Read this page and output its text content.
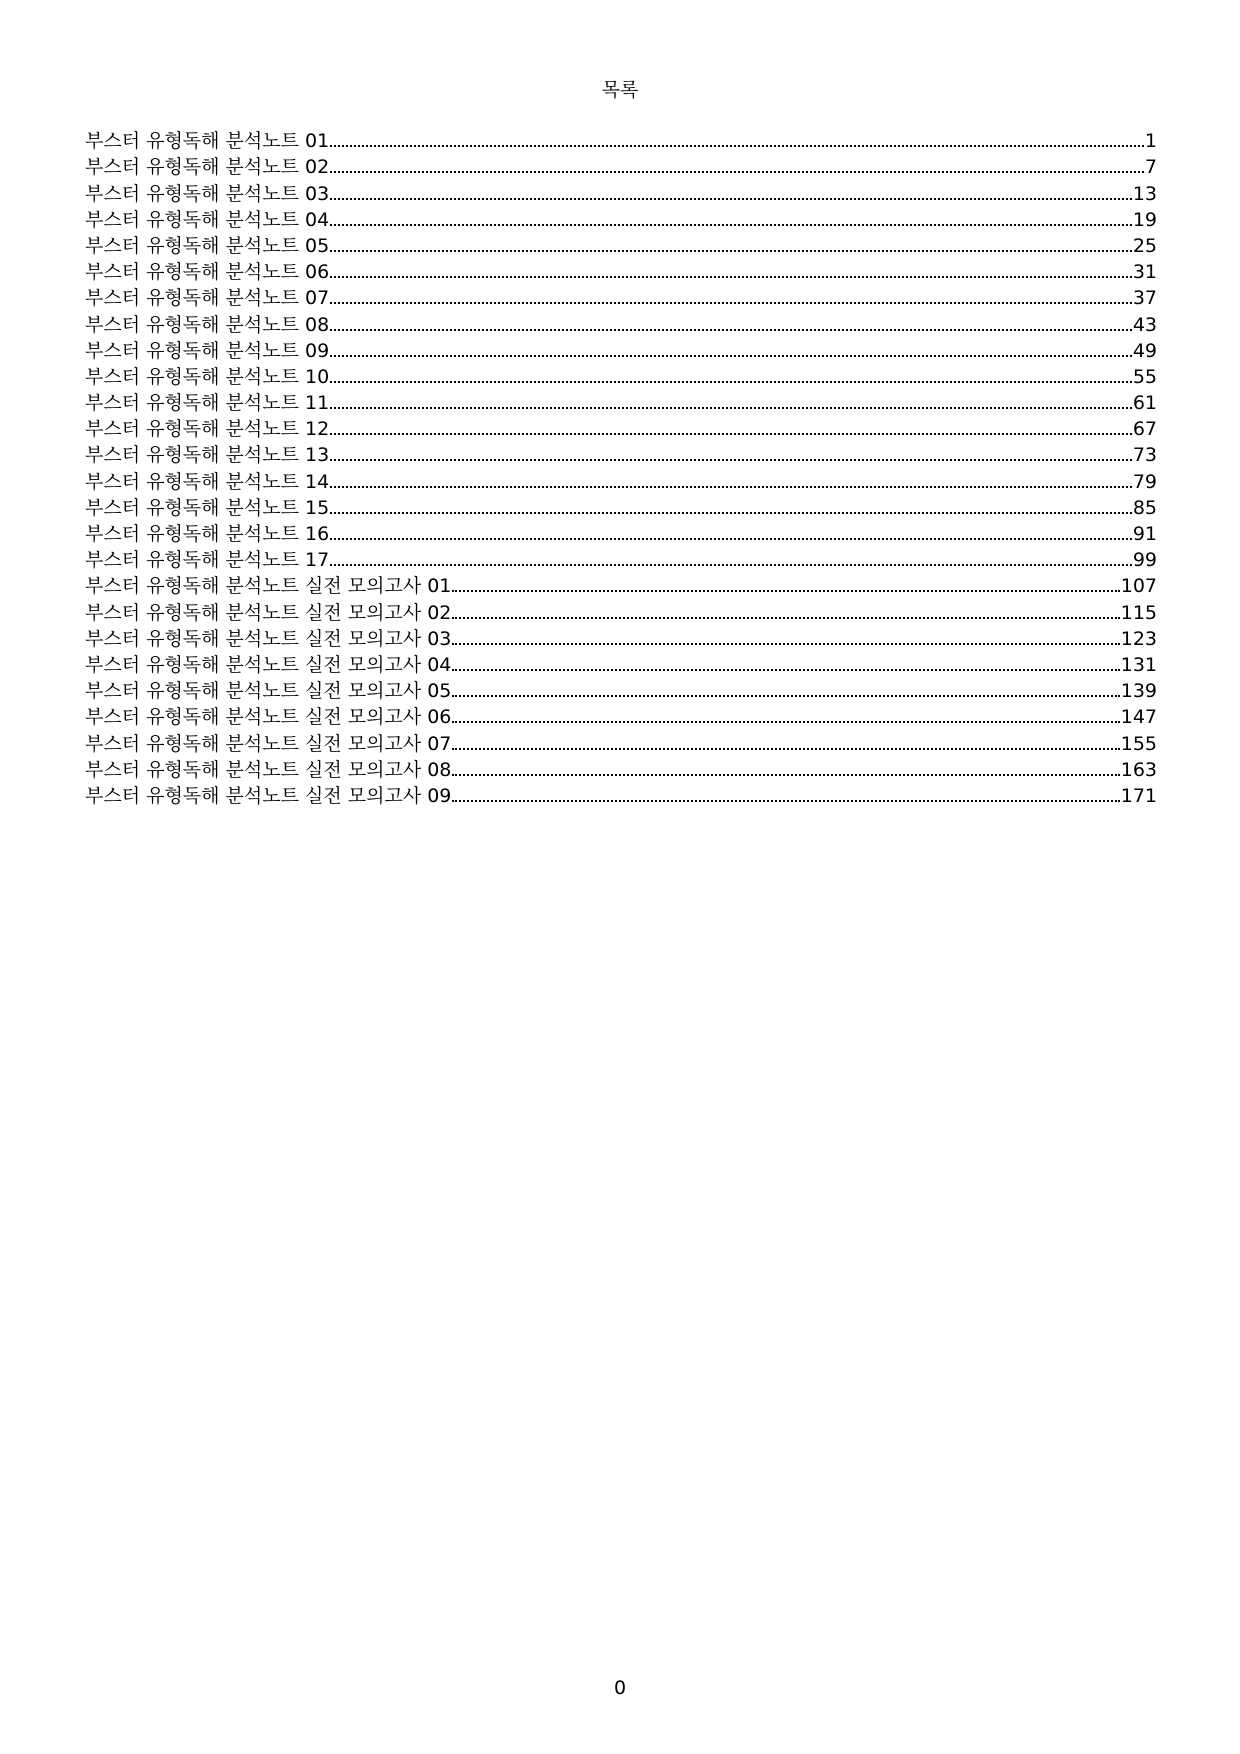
목록
부스터 유형독해 분석노트 01	1
부스터 유형독해 분석노트 02	7
부스터 유형독해 분석노트 03	13
부스터 유형독해 분석노트 04	19
부스터 유형독해 분석노트 05	25
부스터 유형독해 분석노트 06	31
부스터 유형독해 분석노트 07	37
부스터 유형독해 분석노트 08	43
부스터 유형독해 분석노트 09	49
부스터 유형독해 분석노트 10	55
부스터 유형독해 분석노트 11	61
부스터 유형독해 분석노트 12	67
부스터 유형독해 분석노트 13	73
부스터 유형독해 분석노트 14	79
부스터 유형독해 분석노트 15	85
부스터 유형독해 분석노트 16	91
부스터 유형독해 분석노트 17	99
부스터 유형독해 분석노트 실전 모의고사 01	107
부스터 유형독해 분석노트 실전 모의고사 02	115
부스터 유형독해 분석노트 실전 모의고사 03	123
부스터 유형독해 분석노트 실전 모의고사 04	131
부스터 유형독해 분석노트 실전 모의고사 05	139
부스터 유형독해 분석노트 실전 모의고사 06	147
부스터 유형독해 분석노트 실전 모의고사 07	155
부스터 유형독해 분석노트 실전 모의고사 08	163
부스터 유형독해 분석노트 실전 모의고사 09	171
0
